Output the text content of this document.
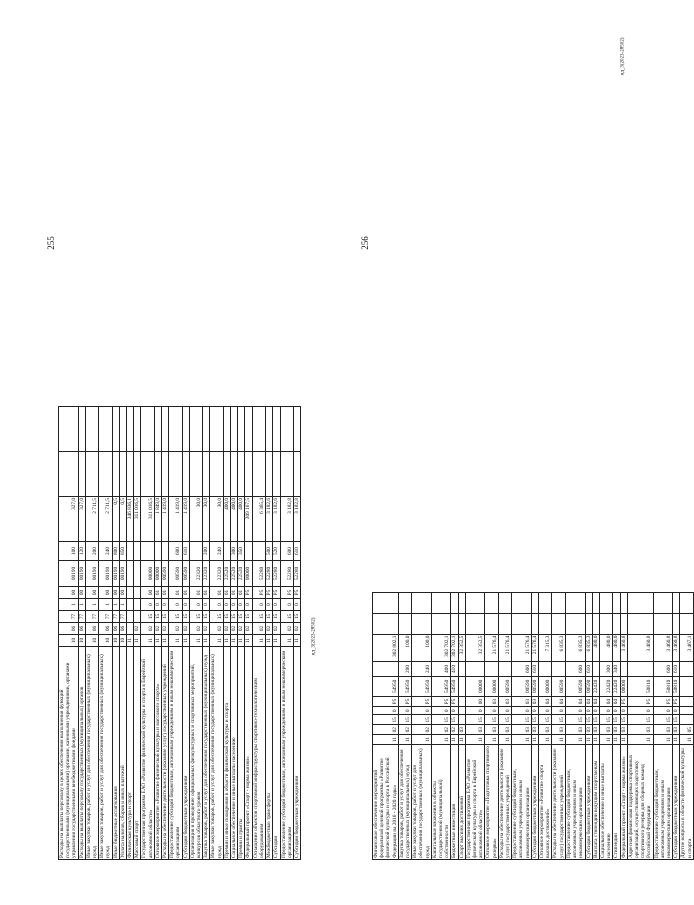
255	256
ид_3(2023-28502)
ид_3(2023-28502)
Расходы на выплаты персоналу в целях обеспечения выполнения функций государственными (муниципальными) органами, казенными учреждениями, органами управления государственными внебюджетными фондами	10	06	77	1	00	00190	100	327,0		
Расходы на выплаты персоналу государственных (муниципальных) органов	10	06	77	1	00	00190	120	327,0		
Иные закупки товаров, работ и услуг для обеспечения государственных (муниципальных) нужд	10	06	77	1	00	00190	200	2 711,5		
Иные закупки товаров, работ и услуг для обеспечения государственных (муниципальных) нужд	10	06	77	1	00	00190	240	2 711,5		
Иные бюджетные ассигнования	10	06	77	1	00	00190	800	0,5		
Уплата налогов, сборов и иных платежей	10	06	77	1	00	00190	850	0,5		
Физическая культура и спорт	11							346 836,1		
Массовый спорт	11	02						311 016,5		
Государственная программа ЕАО «Развитие физической культуры и спорта в Еврейской автономной области»	11	02	15	0	00	00000		311 016,5		
Основное мероприятие «Развитие физической культуры и массового спорта»	11	02	15	0	01	00000		1 849,0		
Расходы на обеспечение деятельности (оказание услуг) государственных учреждений	11	02	15	0	01	00590		1 419,0		
Предоставление субсидий бюджетным, автономным учреждениям и иным некоммерческим организациям	11	02	15	0	01	00590	600	1 419,0		
Субсидии бюджетным учреждениям	11	02	15	0	01	00590	610	1 419,0		
Организация и проведение официальных физкультурных и спортивных мероприятий, конкурсов областного уровня	11	02	15	0	01	22320		30,0		
Закупка товаров, работ и услуг для обеспечения государственных (муниципальных) нужд	11	02	15	0	01	22320	200	30,0		
Иные закупки товаров, работ и услуг для обеспечения государственных (муниципальных) нужд	11	02	15	0	01	22320	240	30,0		
Премии и иные поощрения в области физической культуры и спорта	11	02	15	0	01	22520		400,0		
Социальное обеспечение и иные выплаты населению	11	02	15	0	01	22520	300	400,0		
Премии и гранты	11	02	15	0	01	22520	350	400,0		
Федеральный проект «Спорт - норма жизни»	11	02	15	0	P5	00000		309 167,5		
Оснащение объектов спортивной инфраструктуры спортивно-технологическим оборудованием	11	02	15	0	P5	52280		6 365,4		
Межбюджетные трансферты	11	02	15	0	P5	52280	500	3 182,6		
Субсидии	11	02	15	0	P5	52280	520	3 182,6		
Предоставление субсидий бюджетным, автономным учреждениям и иным некоммерческим организациям	11	02	15	0	P5	52280	600	3 182,8		
Субсидии бюджетным учреждениям	11	02	15	0	P5	52280	610	3 182,8		
Финансовое обеспечение мероприятий федеральной целевой программы «Развитие физической культуры и спорта в Российской Федерации на 2016 - 2020 годы»	11	02	15	0	P5	54950		302 802,1		
Закупка товаров, работ и услуг для обеспечения государственных (муниципальных) нужд	11	02	15	0	P5	54950	200	100,0		
Иные закупки товаров, работ и услуг для обеспечения государственных (муниципальных) нужд	11	02	15	0	P5	54950	240	100,0		
Капитальные вложения в объекты государственной (муниципальной) собственности	11	02	15	0	P5	54950	400	302 702,1		
Бюджетные инвестиции	11	02	15	0	P5	54950	410	302 702,1		
Спорт высших достижений	11	03						32 352,5		
Государственная программа ЕАО «Развитие физической культуры и спорта в Еврейской автономной области»	11	03	15	0	00	00000		32 352,5		
Основное мероприятие «Подготовка спортивного резерва»	11	03	15	0	03	00000		21 576,4		
Расходы на обеспечение деятельности (оказание услуг) государственных учреждений	11	03	15	0	03	00590		21 576,4		
Предоставление субсидий бюджетным, автономным учреждениям и иным некоммерческим организациям	11	03	15	0	03	00590	600	21 576,4		
Субсидии бюджетным учреждениям	11	03	15	0	03	00590	610	21 576,4		
Основное мероприятие «Развитие спорта высших достижений»	11	03	15	0	04	00000		7 315,3		
Расходы на обеспечение деятельности (оказание услуг) государственных учреждений	11	03	15	0	04	00590		6 835,3		
Предоставление субсидий бюджетным, автономным учреждениям и иным некоммерческим организациям	11	03	15	0	04	00590	600	6 835,3		
Субсидии бюджетным учреждениям	11	03	15	0	04	00590	610	6 835,3		
Выплата стипендии ведущим спортсменам	11	03	15	0	04	22420		480,0		
Социальное обеспечение и иные выплаты населению	11	03	15	0	04	22420	300	480,0		
Стипендии	11	03	15	0	04	22420	340	480,0		
Федеральный проект «Спорт - норма жизни»	11	03	15	0	P5	00000		3 460,8		
Адресная финансовая поддержка спортивных организаций, осуществляющих подготовку спортивного резерва для сборных команд Российской Федерации	11	03	15	0	P5	50810		3 460,8		
Предоставление субсидий бюджетным, автономным учреждениям и иным некоммерческим организациям	11	03	15	0	P5	50810	600	3 460,8		
Субсидии бюджетным учреждениям	11	03	15	0	P5	50810	610	3 460,8		
Другие вопросы в области физической культуры и спорта	11	05						3 467,1		
